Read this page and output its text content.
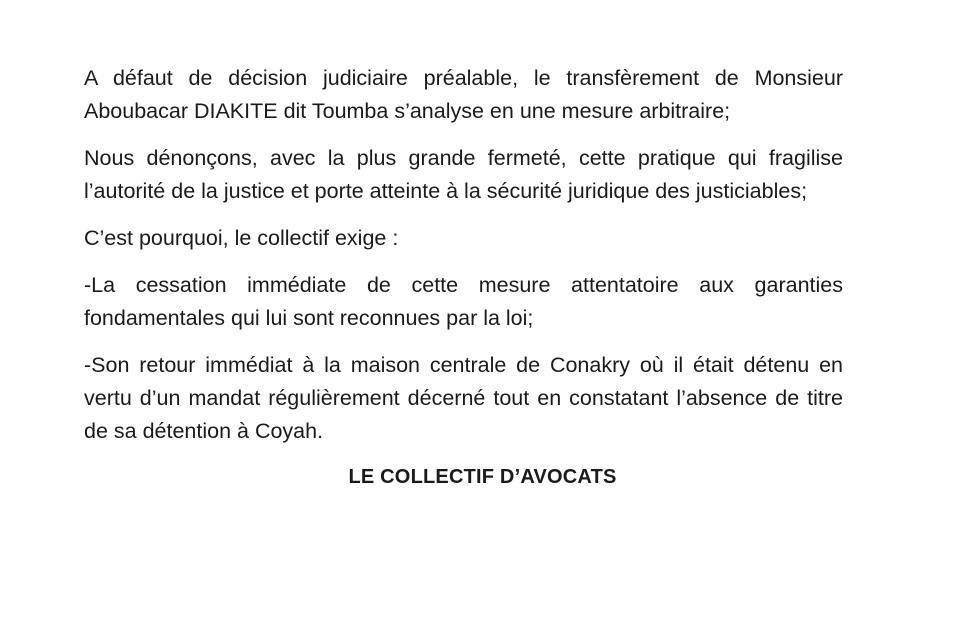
A défaut de décision judiciaire préalable, le transfèrement de Monsieur Aboubacar DIAKITE dit Toumba s’analyse en une mesure arbitraire;

Nous dénonçons, avec la plus grande fermeté, cette pratique qui fragilise l’autorité de la justice et porte atteinte à la sécurité juridique des justiciables;

C’est pourquoi, le collectif exige :

-La cessation immédiate de cette mesure attentatoire aux garanties fondamentales qui lui sont reconnues par la loi;

-Son retour immédiat à la maison centrale de Conakry où il était détenu en vertu d’un mandat régulièrement décerné tout en constatant l’absence de titre de sa détention à Coyah.

LE COLLECTIF D’AVOCATS
